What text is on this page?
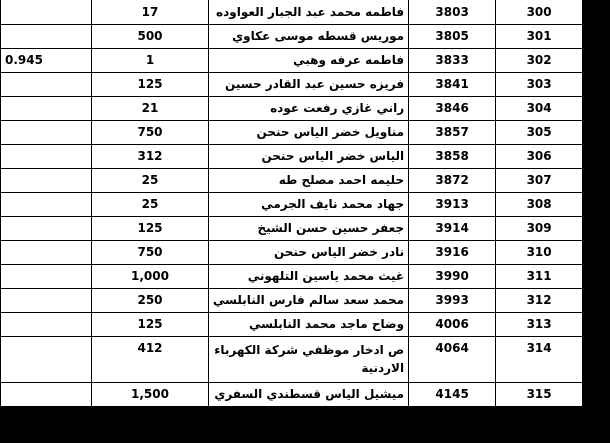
	17	فاطمه محمد عبد الجبار العواوده	3803	300
	500	موريس قسطه موسى عكاوي	3805	301
0.945	1	فاطمه عرفه وهبي	3833	302
	125	فريزه حسين عبد القادر حسين	3841	303
	21	راني غازي رفعت عوده	3846	304
	750	مناويل خضر الياس حنحن	3857	305
	312	الياس خضر الياس حنحن	3858	306
	25	حليمه احمد مصلح طه	3872	307
	25	جهاد محمد نايف الجرمي	3913	308
	125	جعفر حسين حسن الشيخ	3914	309
	750	نادر خضر الياس حنحن	3916	310
	1,000	غيث محمد ياسين التلهوني	3990	311
	250	محمد سعد سالم فارس النابلسي	3993	312
	125	وضاح ماجد محمد النابلسي	4006	313
	412	ص ادخار موظفي شركة الكهرباء الاردنية	4064	314
	1,500	ميشيل الياس قسطندي السفري	4145	315
